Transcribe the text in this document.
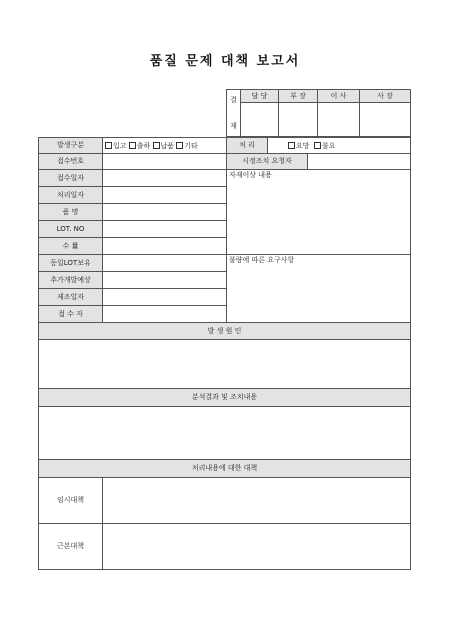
품질 문제 대책 보고서
결
재	담 당	부 장	이 사	사 장

발생구분	입고 출하 납품 기타	처 리	요망 불요	
접수번호		시정조치 요청자		
접수일자		자재이상 내용		
처리일자				
품 명				
LOT. NO				
수 量				
동일LOT보유		불량에 따른 요구사항		
추가개발예상				
제조일자				
접 수 자				
발 생 원 인				

분석결과 및 조치내용				

처리내용에 대한 대책				
임시대책				
근본대책				
